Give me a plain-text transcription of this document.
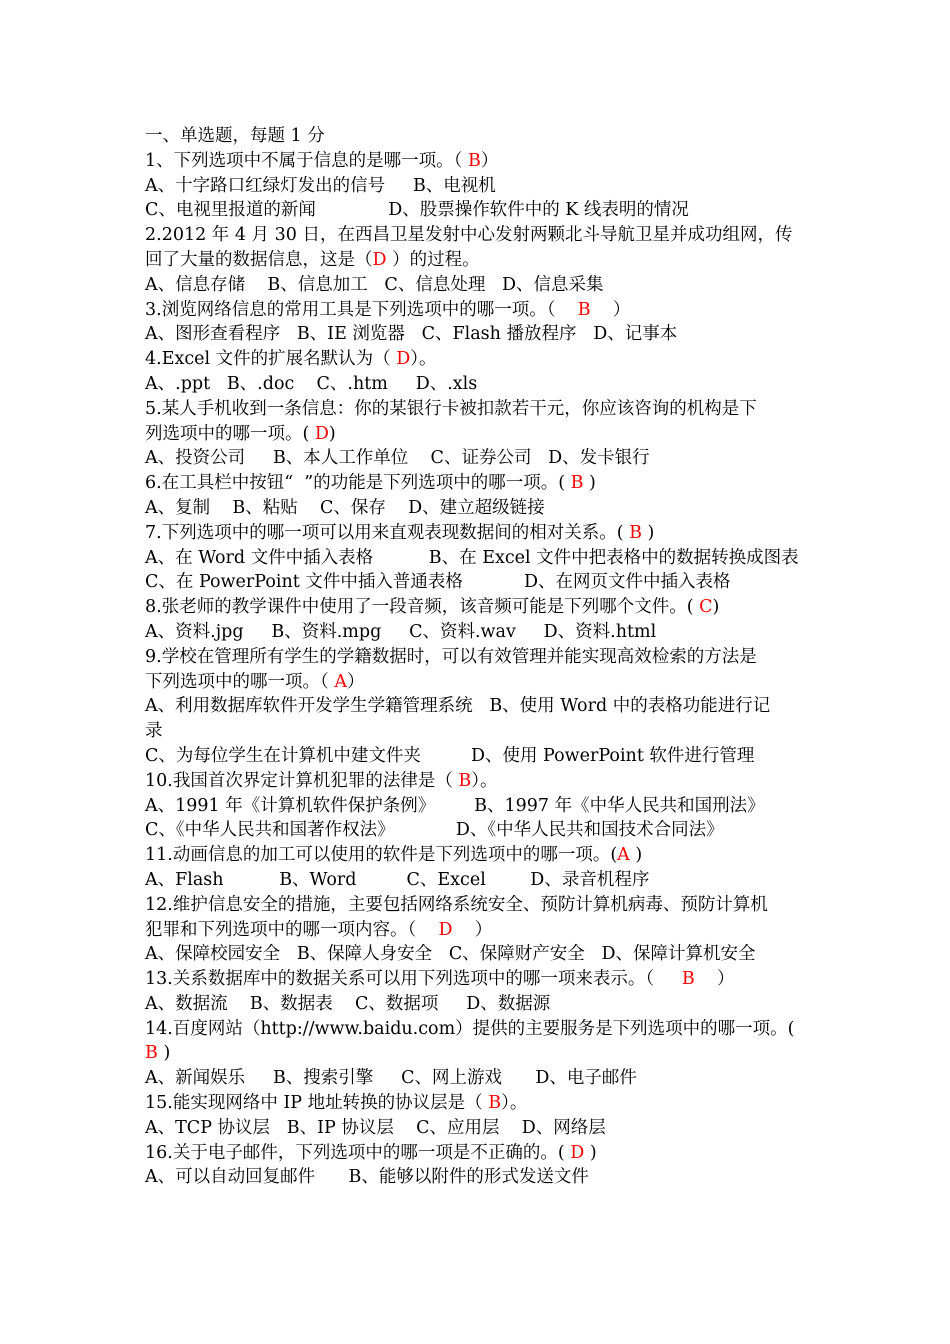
一、单选题，每题 1 分
1、下列选项中不属于信息的是哪一项。（ B）
A、十字路口红绿灯发出的信号     B、电视机
C、电视里报道的新闻             D、股票操作软件中的 K 线表明的情况
2.2012 年 4 月 30 日，在西昌卫星发射中心发射两颗北斗导航卫星并成功组网，传
回了大量的数据信息，这是（D ）的过程。
A、信息存储    B、信息加工   C、信息处理   D、信息采集
3.浏览网络信息的常用工具是下列选项中的哪一项。（    B    ）
A、图形查看程序   B、IE 浏览器   C、Flash 播放程序   D、记事本
4.Excel 文件的扩展名默认为（ D）。
A、.ppt   B、.doc    C、.htm     D、.xls
5.某人手机收到一条信息：你的某银行卡被扣款若干元，你应该咨询的机构是下
列选项中的哪一项。( D)
A、投资公司     B、本人工作单位    C、证券公司   D、发卡银行
6.在工具栏中按钮“  ”的功能是下列选项中的哪一项。( B )
A、复制    B、粘贴    C、保存    D、建立超级链接
7.下列选项中的哪一项可以用来直观表现数据间的相对关系。( B )
A、在 Word 文件中插入表格          B、在 Excel 文件中把表格中的数据转换成图表
C、在 PowerPoint 文件中插入普通表格           D、在网页文件中插入表格
8.张老师的教学课件中使用了一段音频，该音频可能是下列哪个文件。( C)
A、资料.jpg     B、资料.mpg     C、资料.wav     D、资料.html
9.学校在管理所有学生的学籍数据时，可以有效管理并能实现高效检索的方法是
下列选项中的哪一项。（ A）
A、利用数据库软件开发学生学籍管理系统   B、使用 Word 中的表格功能进行记
录
C、为每位学生在计算机中建文件夹         D、使用 PowerPoint 软件进行管理
10.我国首次界定计算机犯罪的法律是（ B）。
A、1991 年《计算机软件保护条例》       B、1997 年《中华人民共和国刑法》
C、《中华人民共和国著作权法》           D、《中华人民共和国技术合同法》
11.动画信息的加工可以使用的软件是下列选项中的哪一项。(A )
A、Flash          B、Word         C、Excel        D、录音机程序
12.维护信息安全的措施，主要包括网络系统安全、预防计算机病毒、预防计算机
犯罪和下列选项中的哪一项内容。（    D    ）
A、保障校园安全   B、保障人身安全   C、保障财产安全   D、保障计算机安全
13.关系数据库中的数据关系可以用下列选项中的哪一项来表示。（     B    ）
A、数据流    B、数据表    C、数据项     D、数据源
14.百度网站（http://www.baidu.com）提供的主要服务是下列选项中的哪一项。(
B )
A、新闻娱乐     B、搜索引擎     C、网上游戏      D、电子邮件
15.能实现网络中 IP 地址转换的协议层是（ B）。
A、TCP 协议层   B、IP 协议层    C、应用层    D、网络层
16.关于电子邮件，下列选项中的哪一项是不正确的。( D )
A、可以自动回复邮件      B、能够以附件的形式发送文件
